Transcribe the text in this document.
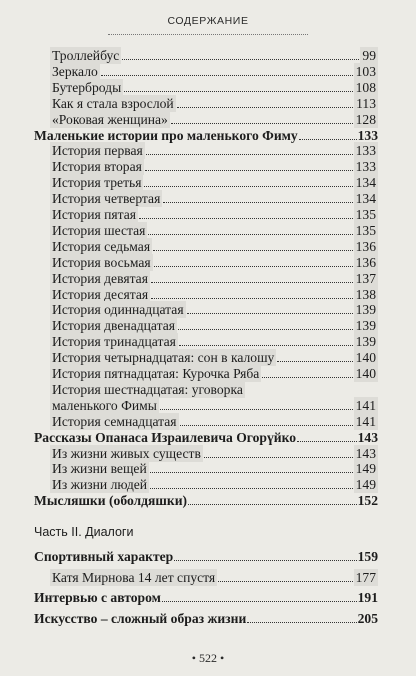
СОДЕРЖАНИЕ
Троллейбус	99
Зеркало	103
Бутерброды	108
Как я стала взрослой	113
«Роковая женщина»	128
Маленькие истории про маленького Фиму	133
История первая	133
История вторая	133
История третья	134
История четвертая	134
История пятая	135
История шестая	135
История седьмая	136
История восьмая	136
История девятая	137
История десятая	138
История одиннадцатая	139
История двенадцатая	139
История тринадцатая	139
История четырнадцатая: сон в калошу	140
История пятнадцатая: Курочка Ряба	140
История шестнадцатая: уговорка
маленького Фимы	141
История семнадцатая	141
Рассказы Опанаса Израилевича Огорүйко	143
Из жизни живых существ	143
Из жизни вещей	149
Из жизни людей	149
Мысляшки (оболдяшки)	152
Часть II. Диалоги
Спортивный характер	159
Катя Мирнова 14 лет спустя	177
Интервью с автором	191
Искусство – сложный образ жизни	205
• 522 •
